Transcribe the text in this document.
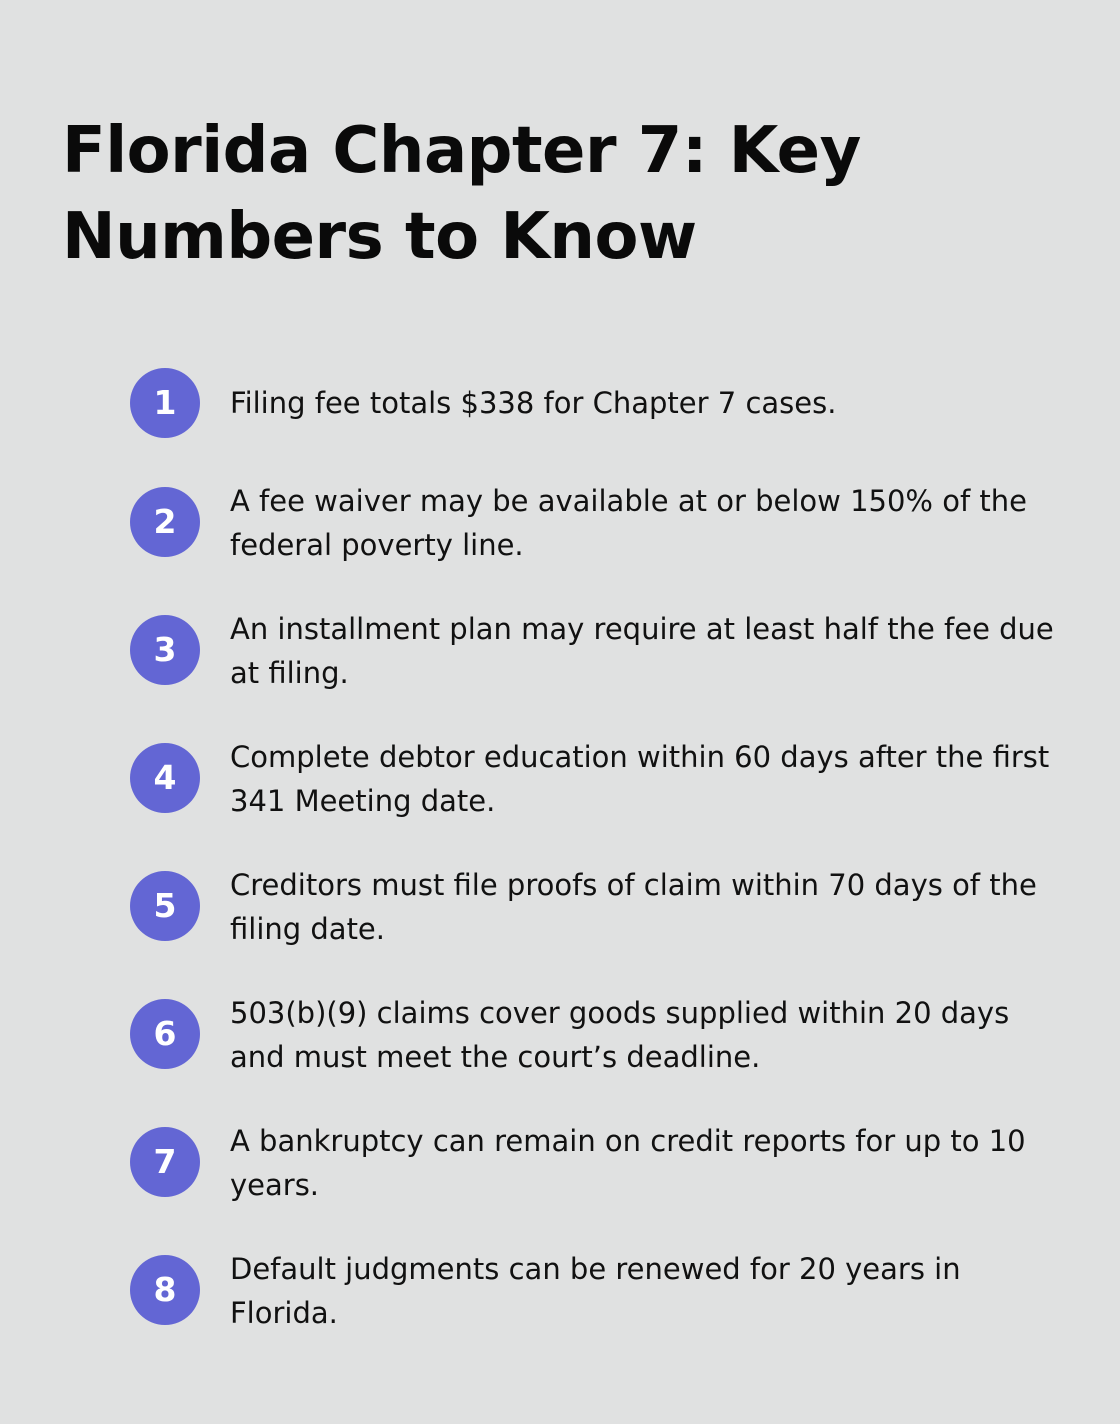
Florida Chapter 7: Key Numbers to Know
1	Filing fee totals $338 for Chapter 7 cases.
2
A fee waiver may be available at or below 150% of the federal poverty line.
3
An installment plan may require at least half the fee due at filing.
4
Complete debtor education within 60 days after the first 341 Meeting date.
5
Creditors must file proofs of claim within 70 days of the filing date.
6
503(b)(9) claims cover goods supplied within 20 days and must meet the court’s deadline.
7
A bankruptcy can remain on credit reports for up to 10 years.
8
Default judgments can be renewed for 20 years in Florida.
